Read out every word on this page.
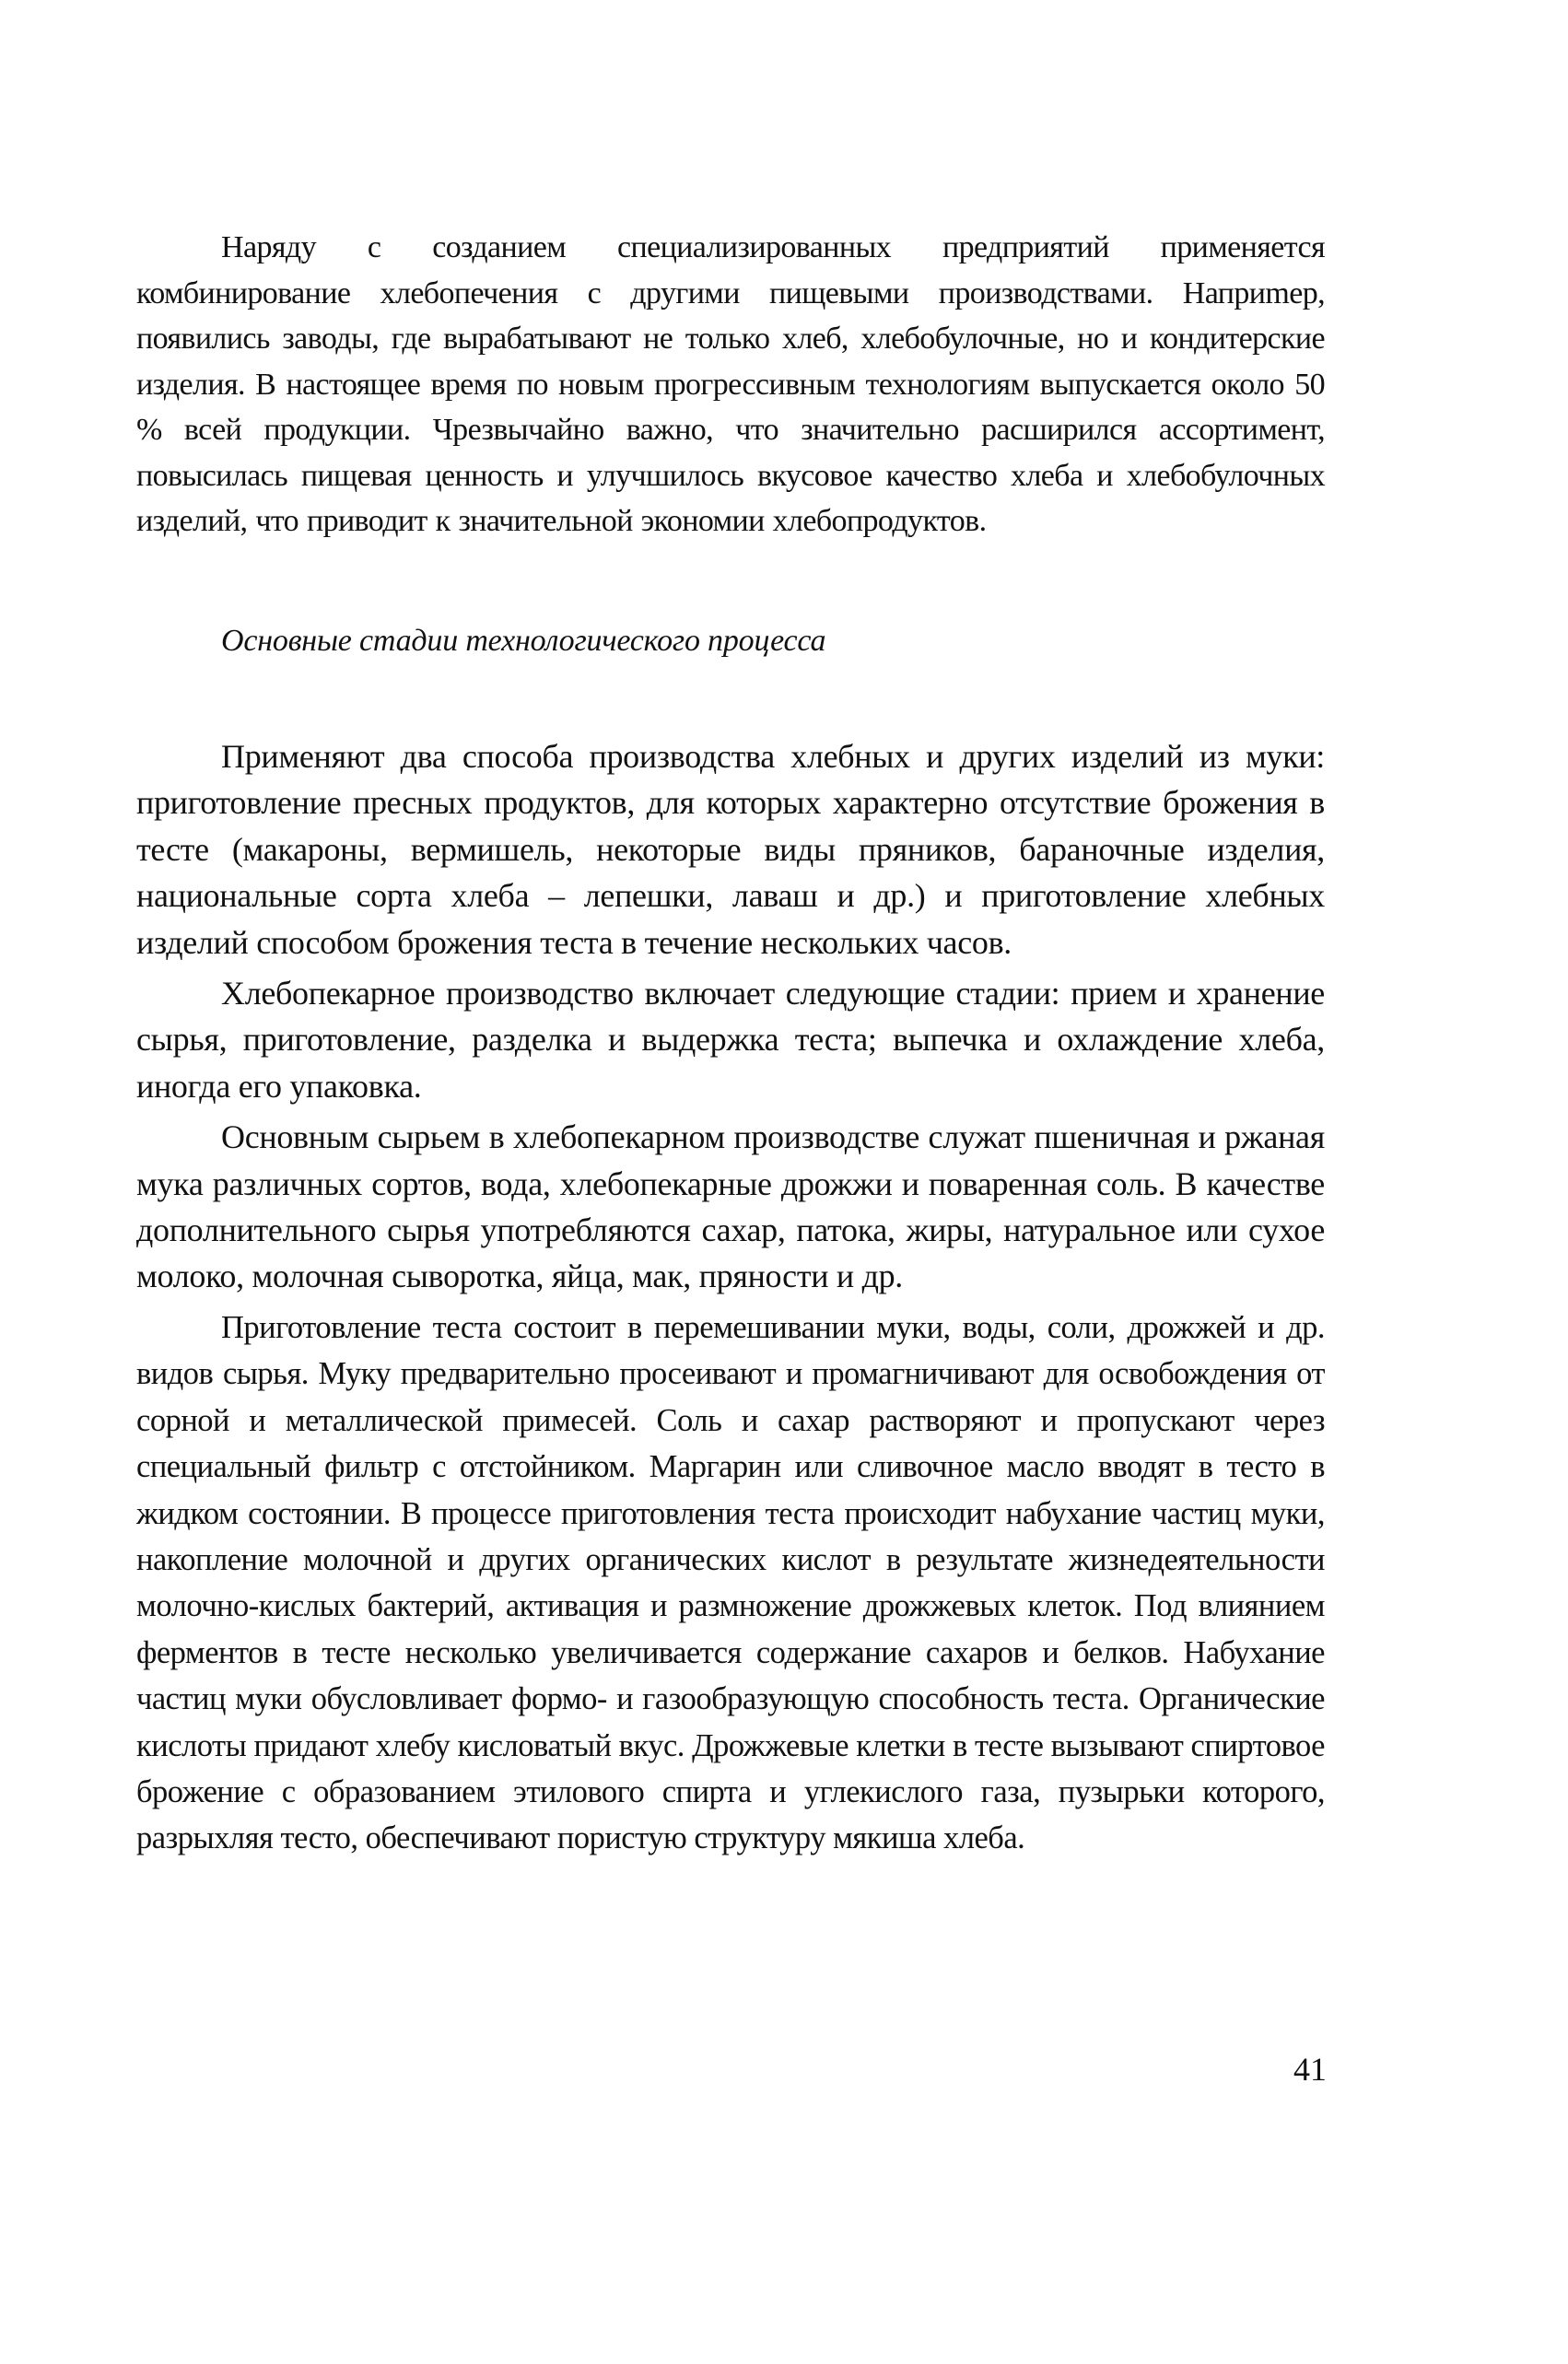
Наряду с созданием специализированных предприятий применяется комбинирование хлебопечения с другими пищевыми производствами. Наприmер, появились заводы, где вырабатывают не только хлеб, хлебобулочные, но и кондитерские изделия. В настоящее время по новым прогрессивным технологиям выпускается около 50 % всей продукции. Чрезвычайно важно, что значительно расширился ассортимент, повысилась пищевая ценность и улучшилось вкусовое качество хлеба и хлебобулочных изделий, что приводит к значительной экономии хлебопродуктов.

Основные стадии технологического процесса

Применяют два способа производства хлебных и других изделий из муки: приготовление пресных продуктов, для которых характерно отсутствие брожения в тесте (макароны, вермишель, некоторые виды пряников, бараночные изделия, национальные сорта хлеба – лепешки, лаваш и др.) и приготовление хлебных изделий способом брожения теста в течение нескольких часов.

Хлебопекарное производство включает следующие стадии: прием и хранение сырья, приготовление, разделка и выдержка теста; выпечка и охлаждение хлеба, иногда его упаковка.

Основным сырьем в хлебопекарном производстве служат пшеничная и ржаная мука различных сортов, вода, хлебопекарные дрожжи и поваренная соль. В качестве дополнительного сырья употребляются сахар, патока, жиры, натуральное или сухое молоко, молочная сыворотка, яйца, мак, пряности и др.

Приготовление теста состоит в перемешивании муки, воды, соли, дрожжей и др. видов сырья. Муку предварительно просеивают и промагничивают для освобождения от сорной и металлической примесей. Соль и сахар растворяют и пропускают через специальный фильтр с отстойником. Маргарин или сливочное масло вводят в тесто в жидком состоянии. В процессе приготовления теста происходит набухание частиц муки, накопление молочной и других органических кислот в результате жизнедеятельности молочно-кислых бактерий, активация и размножение дрожжевых клеток. Под влиянием ферментов в тесте несколько увеличивается содержание сахаров и белков. Набухание частиц муки обусловливает формо- и газообразующую способность теста. Органические кислоты придают хлебу кисловатый вкус. Дрожжевые клетки в тесте вызывают спиртовое брожение с образованием этилового спирта и углекислого газа, пузырьки которого, разрыхляя тесто, обеспечивают пористую структуру мякиша хлеба.

41
